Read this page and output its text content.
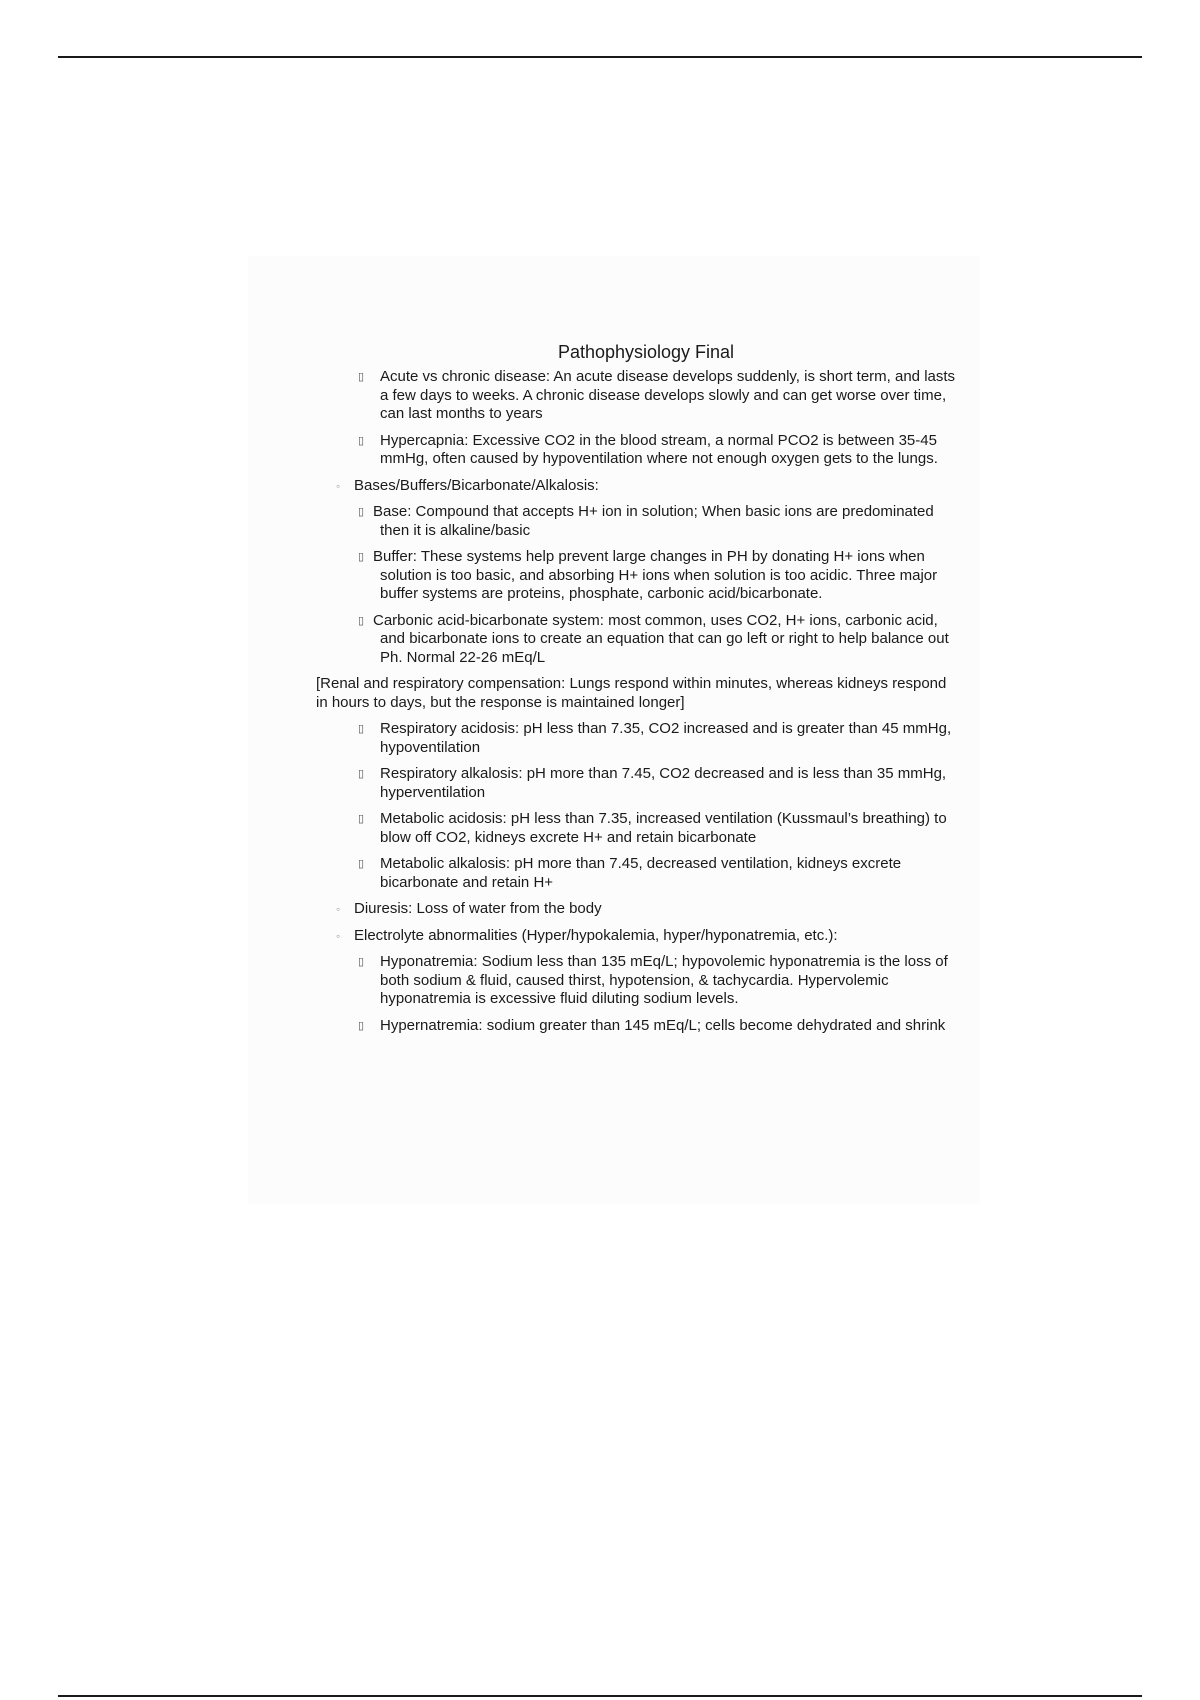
Pathophysiology Final
▯ Acute vs chronic disease: An acute disease develops suddenly, is short term, and lasts a few days to weeks. A chronic disease develops slowly and can get worse over time, can last months to years
▯ Hypercapnia: Excessive CO2 in the blood stream, a normal PCO2 is between 35-45 mmHg, often caused by hypoventilation where not enough oxygen gets to the lungs.
◦ Bases/Buffers/Bicarbonate/Alkalosis:
▯ Base: Compound that accepts H+ ion in solution; When basic ions are predominated then it is alkaline/basic
▯ Buffer: These systems help prevent large changes in PH by donating H+ ions when solution is too basic, and absorbing H+ ions when solution is too acidic. Three major buffer systems are proteins, phosphate, carbonic acid/bicarbonate.
▯ Carbonic acid-bicarbonate system: most common, uses CO2, H+ ions, carbonic acid, and bicarbonate ions to create an equation that can go left or right to help balance out Ph. Normal 22-26 mEq/L
[Renal and respiratory compensation: Lungs respond within minutes, whereas kidneys respond in hours to days, but the response is maintained longer]
▯ Respiratory acidosis: pH less than 7.35, CO2 increased and is greater than 45 mmHg, hypoventilation
▯ Respiratory alkalosis: pH more than 7.45, CO2 decreased and is less than 35 mmHg, hyperventilation
▯ Metabolic acidosis: pH less than 7.35, increased ventilation (Kussmaul’s breathing) to blow off CO2, kidneys excrete H+ and retain bicarbonate
▯ Metabolic alkalosis: pH more than 7.45, decreased ventilation, kidneys excrete bicarbonate and retain H+
◦ Diuresis: Loss of water from the body
◦ Electrolyte abnormalities (Hyper/hypokalemia, hyper/hyponatremia, etc.):
▯ Hyponatremia: Sodium less than 135 mEq/L; hypovolemic hyponatremia is the loss of both sodium & fluid, caused thirst, hypotension, & tachycardia. Hypervolemic hyponatremia is excessive fluid diluting sodium levels.
▯ Hypernatremia: sodium greater than 145 mEq/L; cells become dehydrated and shrink
